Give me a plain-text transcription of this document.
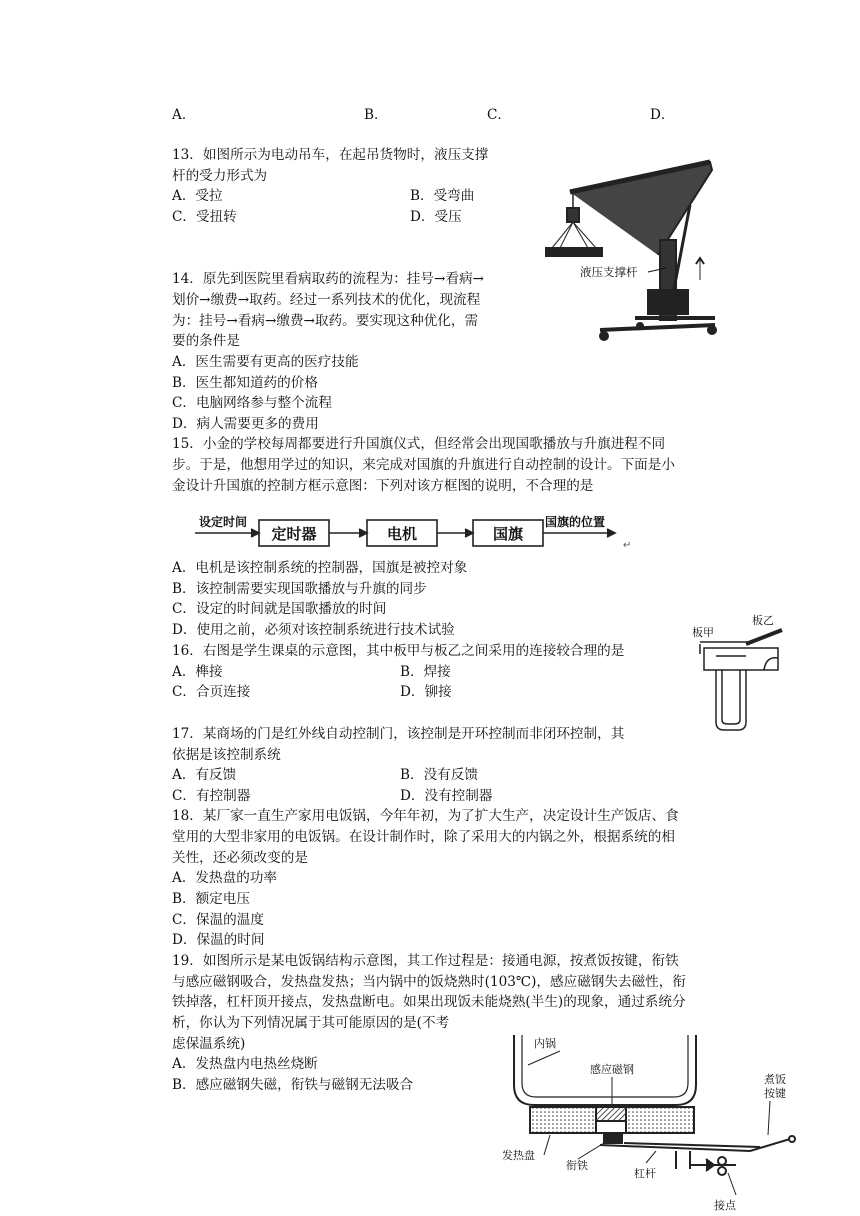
A．	B．	C．	D．
13．如图所示为电动吊车，在起吊货物时，液压支撑
杆的受力形式为
A．受拉	B．受弯曲
C．受扭转	D．受压
液压支撑杆
14．原先到医院里看病取药的流程为：挂号→看病→
划价→缴费→取药。经过一系列技术的优化，现流程
为：挂号→看病→缴费→取药。要实现这种优化，需
要的条件是
A．医生需要有更高的医疗技能
B．医生都知道药的价格
C．电脑网络参与整个流程
D．病人需要更多的费用
15．小金的学校每周都要进行升国旗仪式，但经常会出现国歌播放与升旗进程不同
步。于是，他想用学过的知识，来完成对国旗的升旗进行自动控制的设计。下面是小
金设计升国旗的控制方框示意图：下列对该方框图的说明，不合理的是
设定时间
定时器	电机	国旗
国旗的位置
↵
A．电机是该控制系统的控制器，国旗是被控对象
B．该控制需要实现国歌播放与升旗的同步
C．设定的时间就是国歌播放的时间
D．使用之前，必须对该控制系统进行技术试验
16．右图是学生课桌的示意图，其中板甲与板乙之间采用的连接较合理的是
A．榫接	B．焊接
C．合页连接	D．铆接
板甲
板乙
17．某商场的门是红外线自动控制门，该控制是开环控制而非闭环控制，其
依据是该控制系统
A．有反馈	B．没有反馈
C．有控制器	D．没有控制器
18．某厂家一直生产家用电饭锅，今年年初，为了扩大生产，决定设计生产饭店、食
堂用的大型非家用的电饭锅。在设计制作时，除了采用大的内锅之外，根据系统的相
关性，还必须改变的是
A．发热盘的功率
B．额定电压
C．保温的温度
D．保温的时间
19．如图所示是某电饭锅结构示意图，其工作过程是：接通电源，按煮饭按键，衔铁
与感应磁钢吸合，发热盘发热；当内锅中的饭烧熟时(103℃)，感应磁钢失去磁性，衔
铁掉落，杠杆顶开接点，发热盘断电。如果出现饭未能烧熟(半生)的现象，通过系统分
析，你认为下列情况属于其可能原因的是(不考
虑保温系统)
A．发热盘内电热丝烧断
B．感应磁钢失磁，衔铁与磁钢无法吸合
内锅
感应磁钢
煮饭
按键
发热盘
衔铁
杠杆
接点
